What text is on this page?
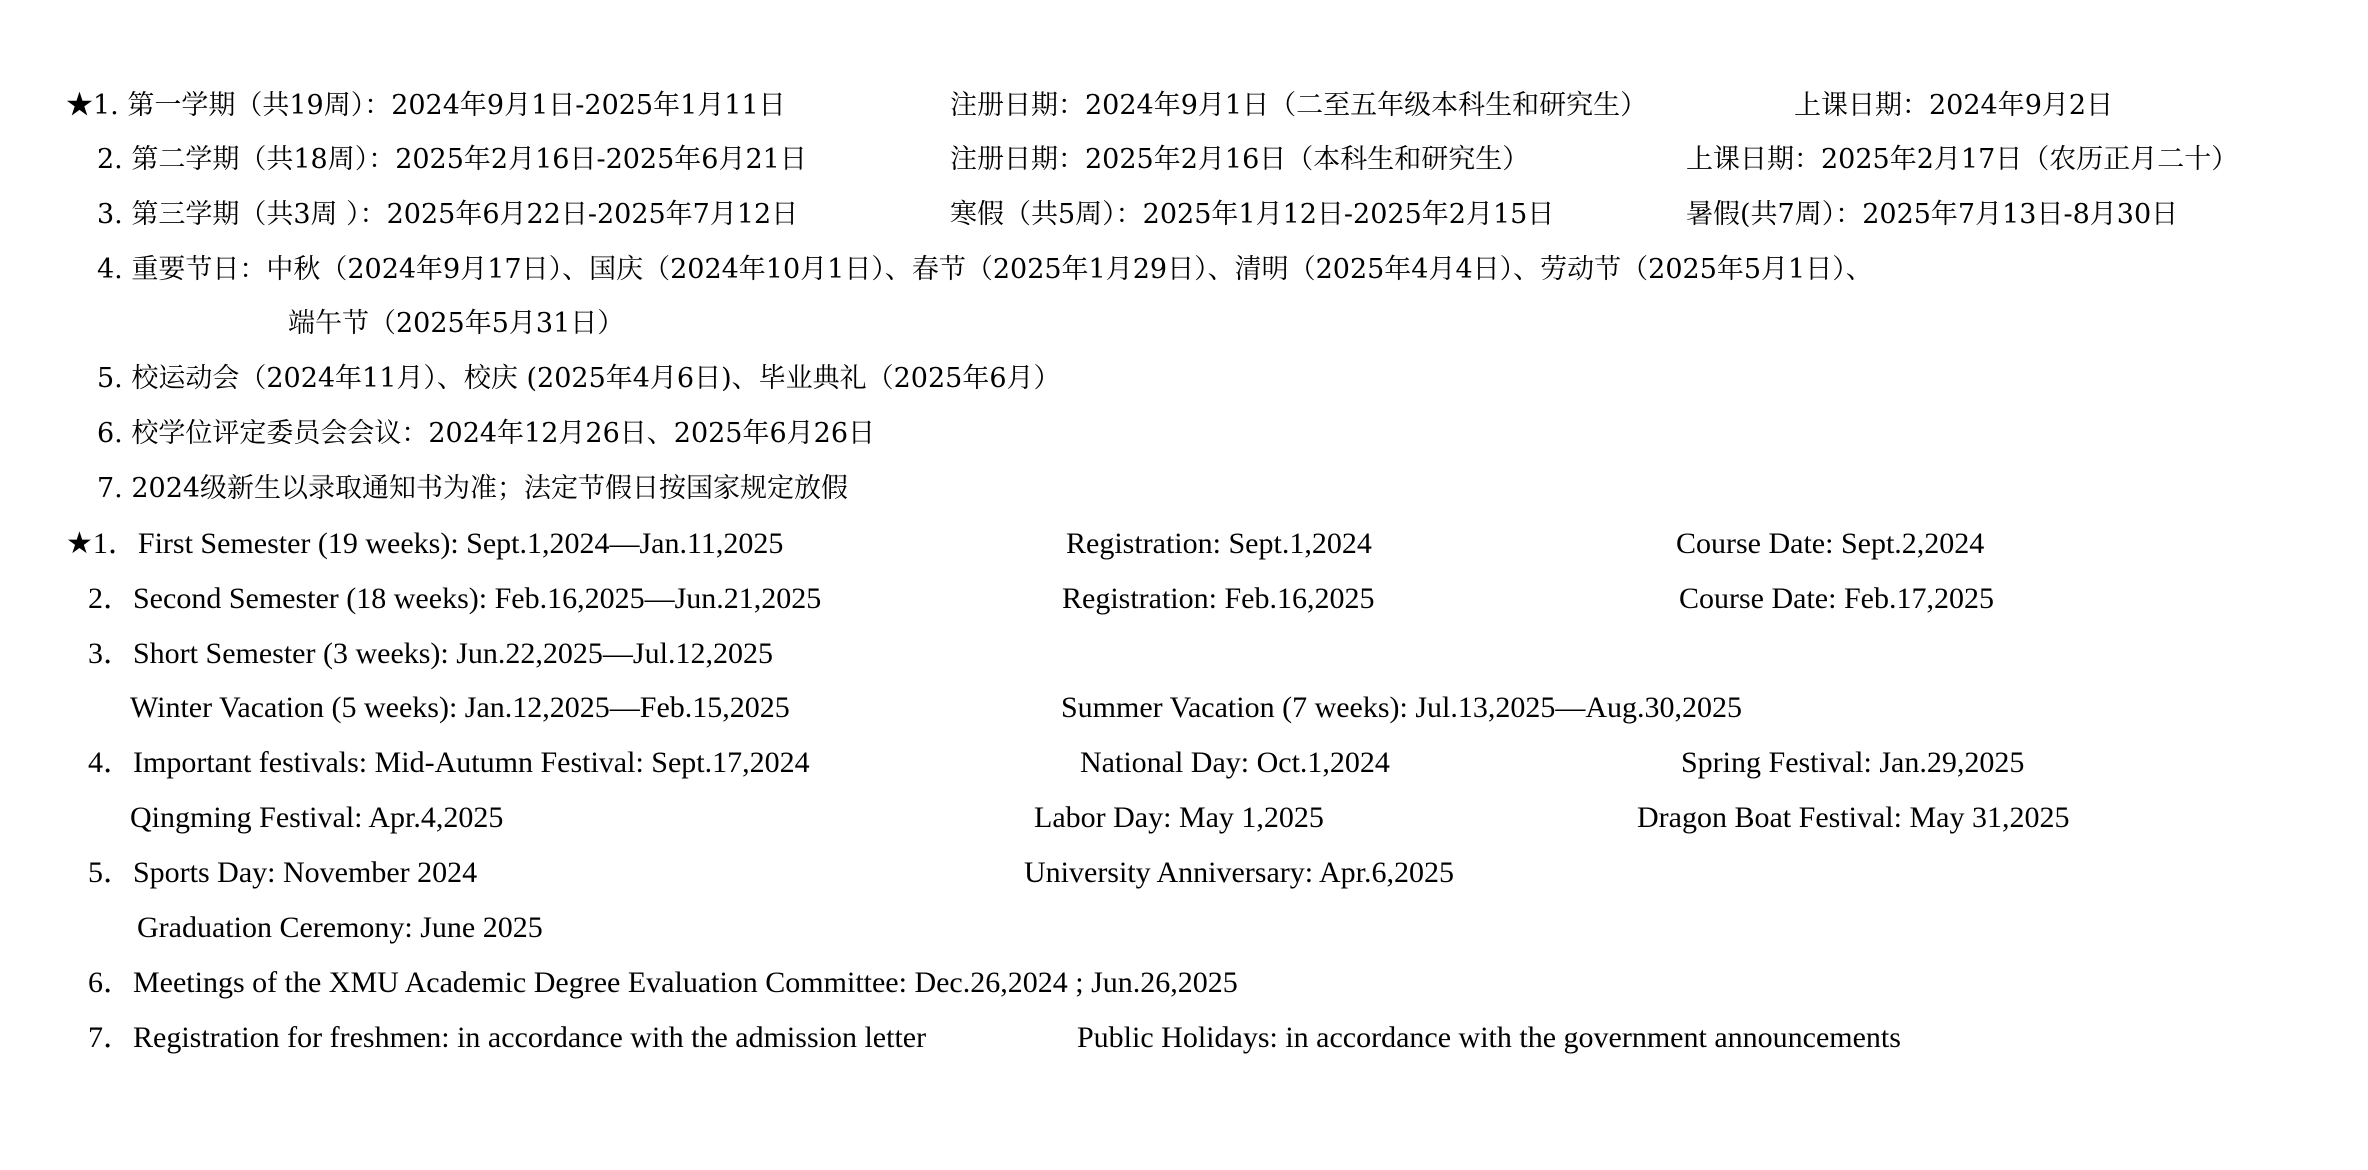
★1. 第一学期（共19周）：2024年9月1日-2025年1月11日	注册日期：2024年9月1日（二至五年级本科生和研究生）	上课日期：2024年9月2日
2. 第二学期（共18周）：2025年2月16日-2025年6月21日	注册日期：2025年2月16日（本科生和研究生）	上课日期：2025年2月17日（农历正月二十）
3. 第三学期（共3周 ）：2025年6月22日-2025年7月12日	寒假（共5周）：2025年1月12日-2025年2月15日	暑假(共7周）：2025年7月13日-8月30日
4. 重要节日：中秋（2024年9月17日）、国庆（2024年10月1日）、春节（2025年1月29日）、清明（2025年4月4日）、劳动节（2025年5月1日）、
端午节（2025年5月31日）
5. 校运动会（2024年11月）、校庆 (2025年4月6日)、毕业典礼（2025年6月）
6. 校学位评定委员会会议：2024年12月26日、2025年6月26日
7. 2024级新生以录取通知书为准；法定节假日按国家规定放假
★1．First Semester (19 weeks): Sept.1,2024—Jan.11,2025	Registration: Sept.1,2024	Course Date: Sept.2,2024
2．Second Semester (18 weeks): Feb.16,2025—Jun.21,2025	Registration: Feb.16,2025	Course Date: Feb.17,2025
3．Short Semester (3 weeks): Jun.22,2025—Jul.12,2025
Winter Vacation (5 weeks): Jan.12,2025—Feb.15,2025	Summer Vacation (7 weeks): Jul.13,2025—Aug.30,2025
4．Important festivals: Mid-Autumn Festival: Sept.17,2024	National Day: Oct.1,2024	Spring Festival: Jan.29,2025
Qingming Festival: Apr.4,2025	Labor Day: May 1,2025	Dragon Boat Festival: May 31,2025
5．Sports Day: November 2024	University Anniversary: Apr.6,2025
Graduation Ceremony: June 2025
6．Meetings of the XMU Academic Degree Evaluation Committee: Dec.26,2024 ; Jun.26,2025
7．Registration for freshmen: in accordance with the admission letter	Public Holidays: in accordance with the government announcements
